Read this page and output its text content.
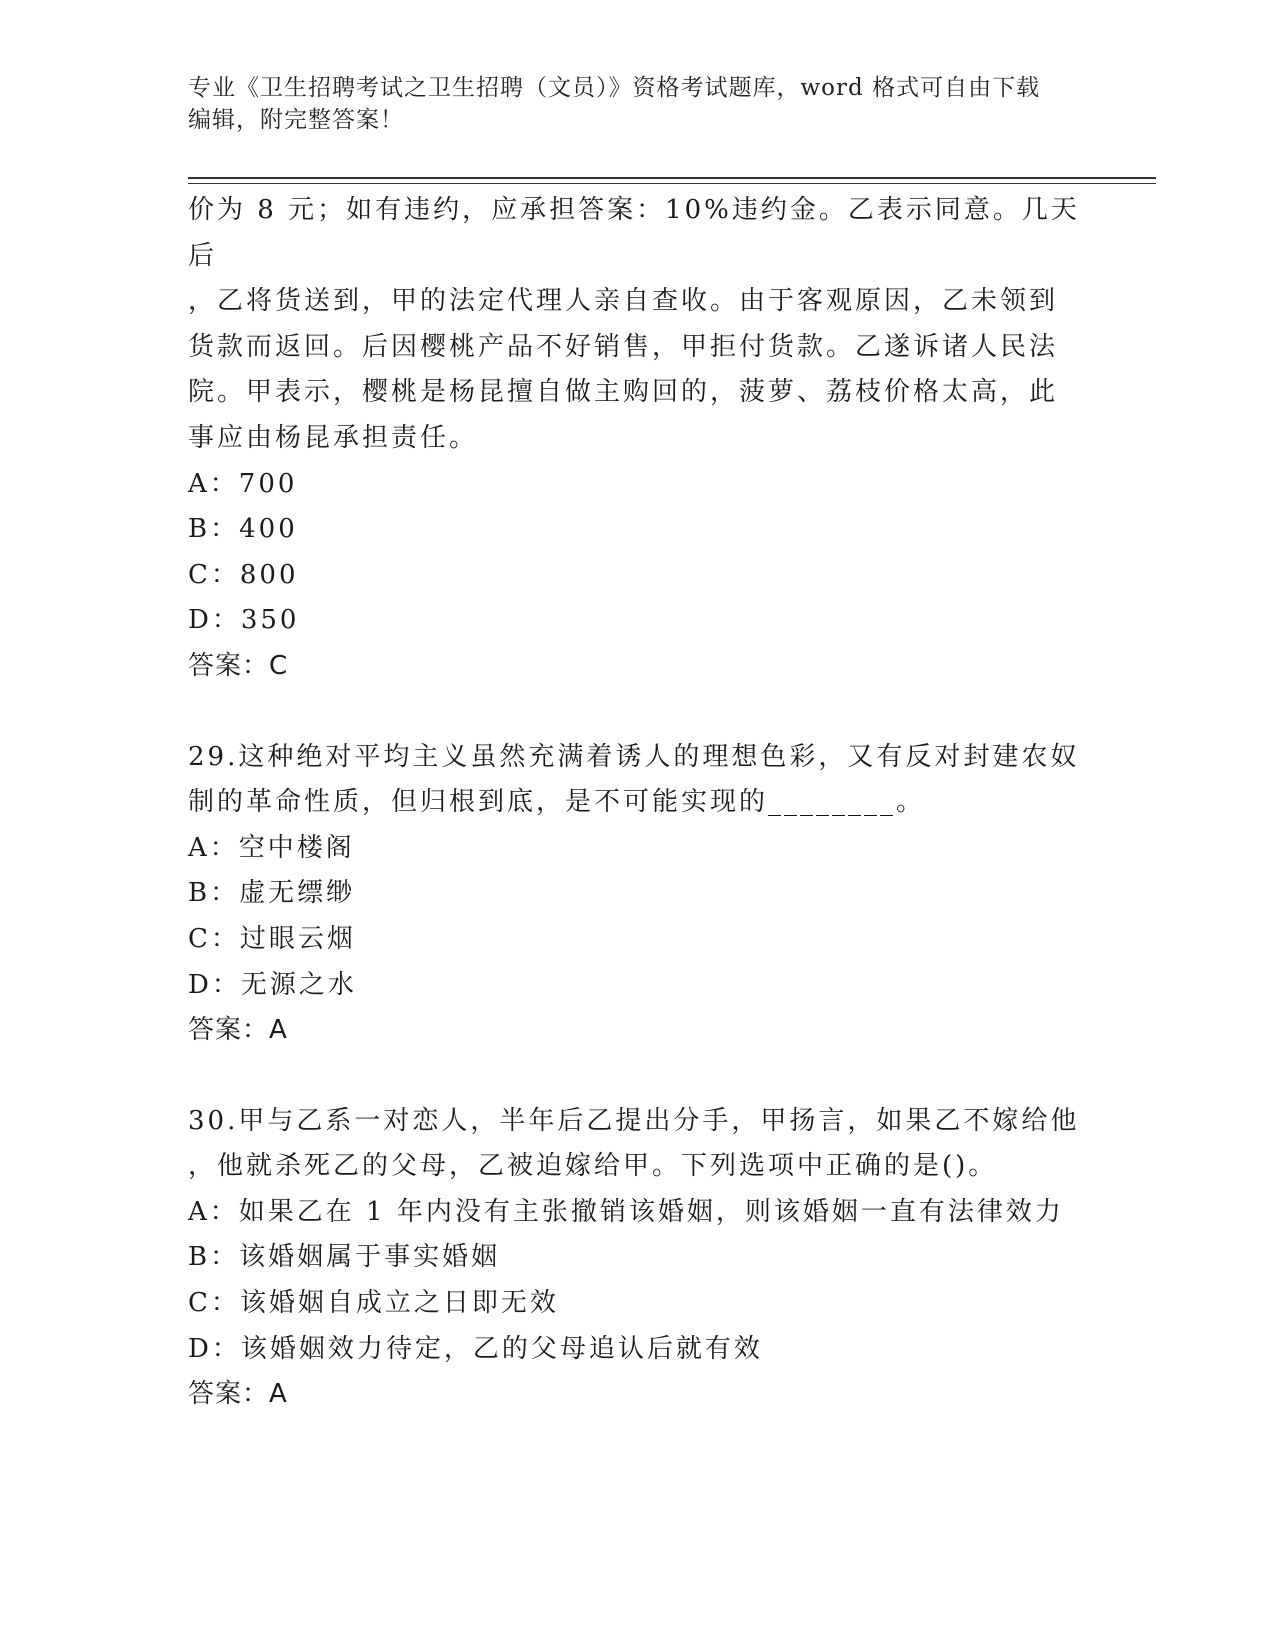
专业《卫生招聘考试之卫生招聘（文员）》资格考试题库，word 格式可自由下载
编辑，附完整答案！

价为 8 元；如有违约，应承担答案：10%违约金。乙表示同意。几天后

，乙将货送到，甲的法定代理人亲自查收。由于客观原因，乙未领到

货款而返回。后因樱桃产品不好销售，甲拒付货款。乙遂诉诸人民法

院。甲表示，樱桃是杨昆擅自做主购回的，菠萝、荔枝价格太高，此

事应由杨昆承担责任。

A：700

B：400

C：800

D：350

答案：C

29.这种绝对平均主义虽然充满着诱人的理想色彩，又有反对封建农奴

制的革命性质，但归根到底，是不可能实现的________。

A：空中楼阁

B：虚无缥缈

C：过眼云烟

D：无源之水

答案：A

30.甲与乙系一对恋人，半年后乙提出分手，甲扬言，如果乙不嫁给他

，他就杀死乙的父母，乙被迫嫁给甲。下列选项中正确的是()。

A：如果乙在 1 年内没有主张撤销该婚姻，则该婚姻一直有法律效力

B：该婚姻属于事实婚姻

C：该婚姻自成立之日即无效

D：该婚姻效力待定，乙的父母追认后就有效

答案：A
